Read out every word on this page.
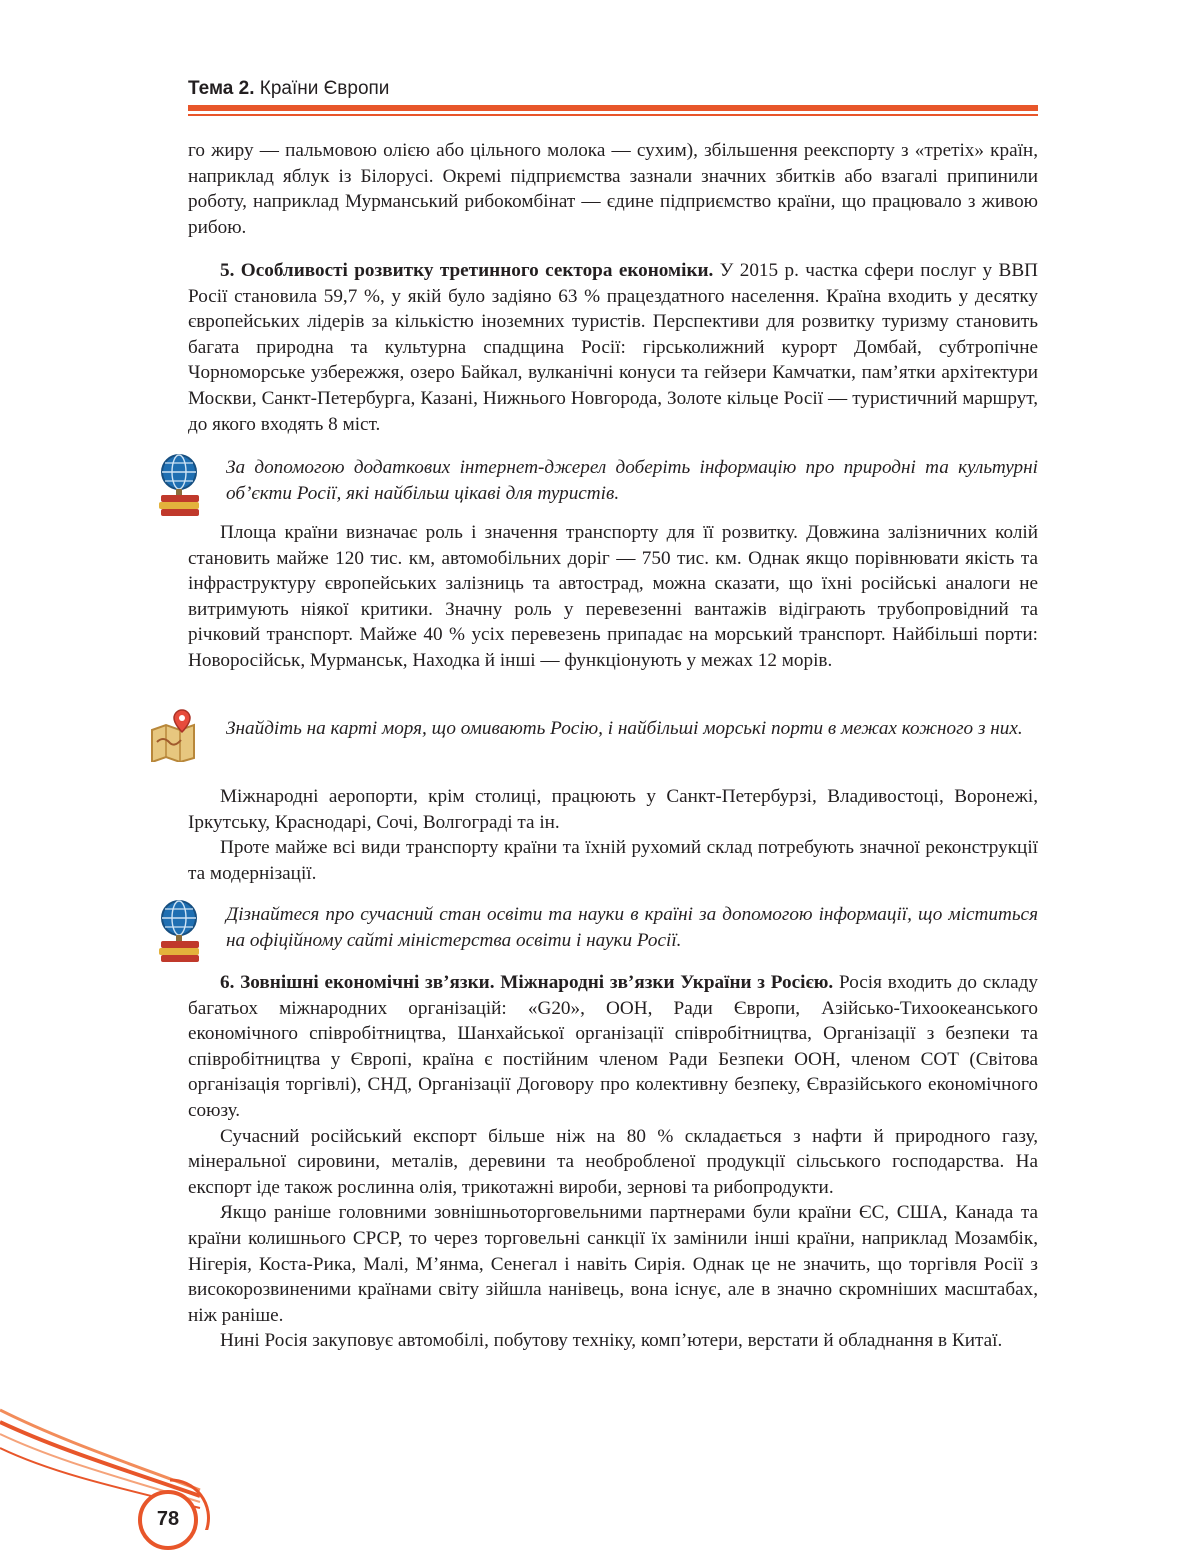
Тема 2. Країни Європи

го жиру — пальмовою олією або цільного молока — сухим), збільшення реекспорту з «третіх» країн, наприклад яблук із Білорусі. Окремі підприємства зазнали значних збитків або взагалі припинили роботу, наприклад Мурманський рибокомбінат — єдине підприємство країни, що працювало з живою рибою.

5. Особливості розвитку третинного сектора економіки. У 2015 р. частка сфери послуг у ВВП Росії становила 59,7 %, у якій було задіяно 63 % працездатного населення. Країна входить у десятку європейських лідерів за кількістю іноземних туристів. Перспективи для розвитку туризму становить багата природна та культурна спадщина Росії: гірськолижний курорт Домбай, субтропічне Чорноморське узбережжя, озеро Байкал, вулканічні конуси та гейзери Камчатки, пам’ятки архітектури Москви, Санкт-Петербурга, Казані, Нижнього Новгорода, Золоте кільце Росії — туристичний маршрут, до якого входять 8 міст.

За допомогою додаткових інтернет-джерел доберіть інформацію про природні та культурні об’єкти Росії, які найбільш цікаві для туристів.

Площа країни визначає роль і значення транспорту для її розвитку. Довжина залізничних колій становить майже 120 тис. км, автомобільних доріг — 750 тис. км. Однак якщо порівнювати якість та інфраструктуру європейських залізниць та автострад, можна сказати, що їхні російські аналоги не витримують ніякої критики. Значну роль у перевезенні вантажів відіграють трубопровідний та річковий транспорт. Майже 40 % усіх перевезень припадає на морський транспорт. Найбільші порти: Новоросійськ, Мурманськ, Находка й інші — функціонують у межах 12 морів.

Знайдіть на карті моря, що омивають Росію, і найбільші морські порти в межах кожного з них.

Міжнародні аеропорти, крім столиці, працюють у Санкт-Петербурзі, Владивостоці, Воронежі, Іркутську, Краснодарі, Сочі, Волгограді та ін.

Проте майже всі види транспорту країни та їхній рухомий склад потребують значної реконструкції та модернізації.

Дізнайтеся про сучасний стан освіти та науки в країні за допомогою інформації, що міститься на офіційному сайті міністерства освіти і науки Росії.

6. Зовнішні економічні зв’язки. Міжнародні зв’язки України з Росією. Росія входить до складу багатьох міжнародних організацій: «G20», ООН, Ради Європи, Азійсько-Тихоокеанського економічного співробітництва, Шанхайської організації співробітництва, Організації з безпеки та співробітництва у Європі, країна є постійним членом Ради Безпеки ООН, членом СОТ (Світова організація торгівлі), СНД, Організації Договору про колективну безпеку, Євразійського економічного союзу.

Сучасний російський експорт більше ніж на 80 % складається з нафти й природного газу, мінеральної сировини, металів, деревини та необробленої продукції сільського господарства. На експорт іде також рослинна олія, трикотажні вироби, зернові та рибопродукти.

Якщо раніше головними зовнішньоторговельними партнерами були країни ЄС, США, Канада та країни колишнього СРСР, то через торговельні санкції їх замінили інші країни, наприклад Мозамбік, Нігерія, Коста-Рика, Малі, М’янма, Сенегал і навіть Сирія. Однак це не значить, що торгівля Росії з високорозвиненими країнами світу зійшла нанівець, вона існує, але в значно скромніших масштабах, ніж раніше.

Нині Росія закуповує автомобілі, побутову техніку, комп’ютери, верстати й обладнання в Китаї.

78
